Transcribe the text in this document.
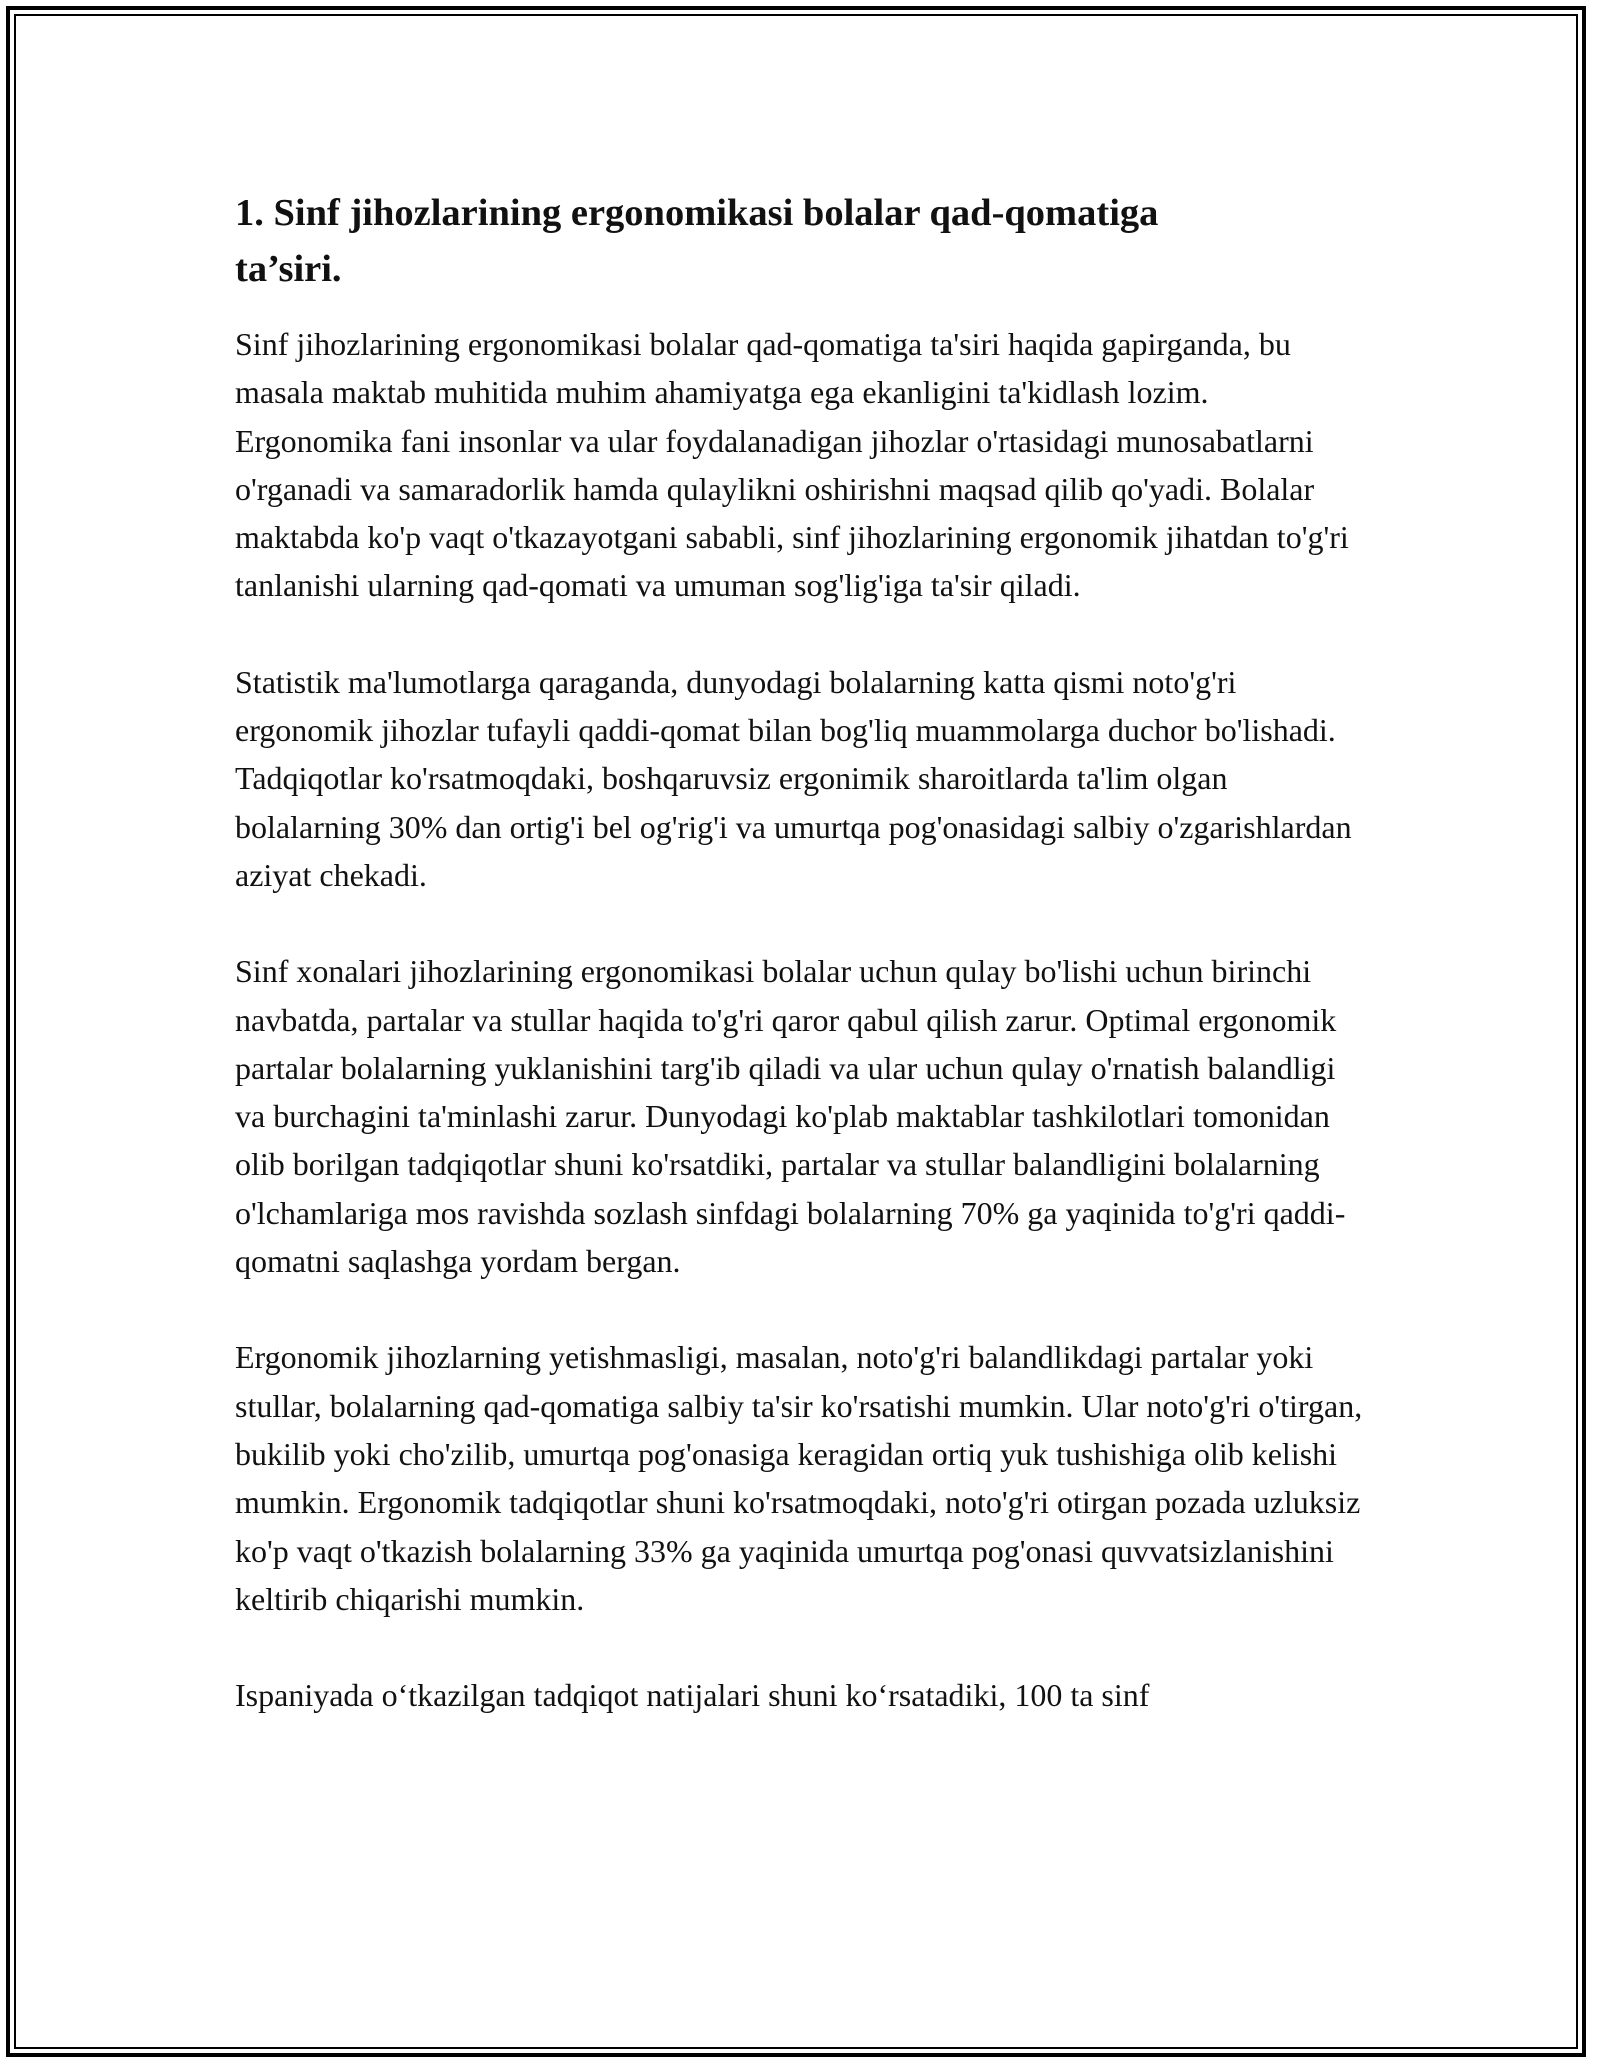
1. Sinf jihozlarining ergonomikasi bolalar qad-qomatiga ta’siri.

Sinf jihozlarining ergonomikasi bolalar qad-qomatiga ta'siri haqida gapirganda, bu masala maktab muhitida muhim ahamiyatga ega ekanligini ta'kidlash lozim. Ergonomika fani insonlar va ular foydalanadigan jihozlar o'rtasidagi munosabatlarni o'rganadi va samaradorlik hamda qulaylikni oshirishni maqsad qilib qo'yadi. Bolalar maktabda ko'p vaqt o'tkazayotgani sababli, sinf jihozlarining ergonomik jihatdan to'g'ri tanlanishi ularning qad-qomati va umuman sog'lig'iga ta'sir qiladi.

Statistik ma'lumotlarga qaraganda, dunyodagi bolalarning katta qismi noto'g'ri ergonomik jihozlar tufayli qaddi-qomat bilan bog'liq muammolarga duchor bo'lishadi. Tadqiqotlar ko'rsatmoqdaki, boshqaruvsiz ergonimik sharoitlarda ta'lim olgan bolalarning 30% dan ortig'i bel og'rig'i va umurtqa pog'onasidagi salbiy o'zgarishlardan aziyat chekadi.

Sinf xonalari jihozlarining ergonomikasi bolalar uchun qulay bo'lishi uchun birinchi navbatda, partalar va stullar haqida to'g'ri qaror qabul qilish zarur. Optimal ergonomik partalar bolalarning yuklanishini targ'ib qiladi va ular uchun qulay o'rnatish balandligi va burchagini ta'minlashi zarur. Dunyodagi ko'plab maktablar tashkilotlari tomonidan olib borilgan tadqiqotlar shuni ko'rsatdiki, partalar va stullar balandligini bolalarning o'lchamlariga mos ravishda sozlash sinfdagi bolalarning 70% ga yaqinida to'g'ri qaddi-qomatni saqlashga yordam bergan.

Ergonomik jihozlarning yetishmasligi, masalan, noto'g'ri balandlikdagi partalar yoki stullar, bolalarning qad-qomatiga salbiy ta'sir ko'rsatishi mumkin. Ular noto'g'ri o'tirgan, bukilib yoki cho'zilib, umurtqa pog'onasiga keragidan ortiq yuk tushishiga olib kelishi mumkin. Ergonomik tadqiqotlar shuni ko'rsatmoqdaki, noto'g'ri otirgan pozada uzluksiz ko'p vaqt o'tkazish bolalarning 33% ga yaqinida umurtqa pog'onasi quvvatsizlanishini keltirib chiqarishi mumkin.

Ispaniyada o‘tkazilgan tadqiqot natijalari shuni ko‘rsatadiki, 100 ta sinf
